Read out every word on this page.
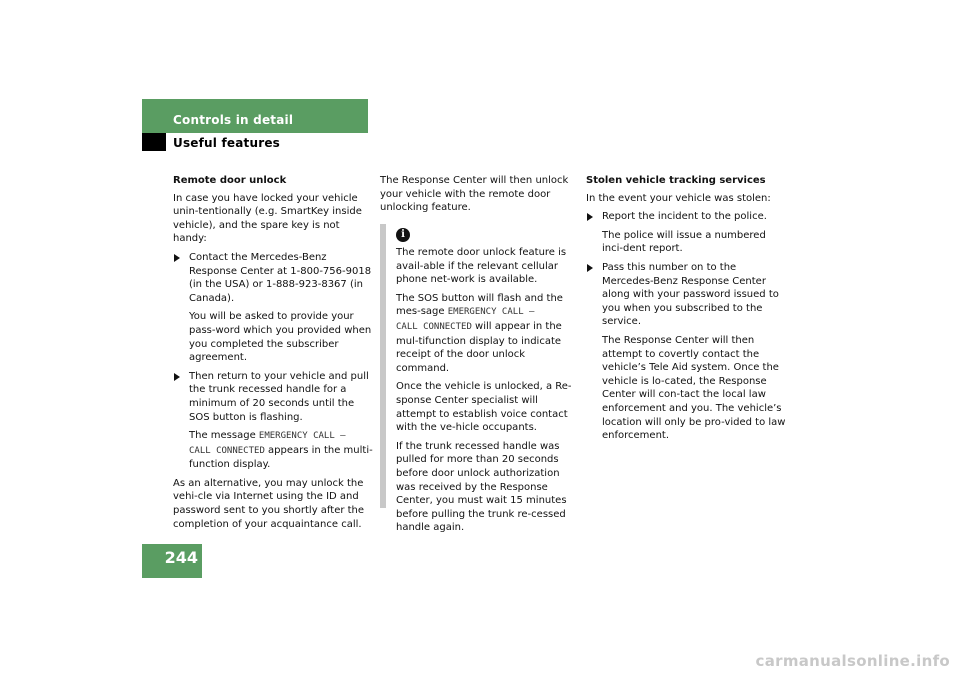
Controls in detail
Useful features

Remote door unlock

In case you have locked your vehicle unin-tentionally (e.g. SmartKey inside vehicle), and the spare key is not handy:

Contact the Mercedes-Benz Response Center at 1-800-756-9018 (in the USA) or 1-888-923-8367 (in Canada).

You will be asked to provide your pass-word which you provided when you completed the subscriber agreement.

Then return to your vehicle and pull the trunk recessed handle for a minimum of 20 seconds until the SOS button is flashing.

The message EMERGENCY CALL –
CALL CONNECTED appears in the multi-function display.

As an alternative, you may unlock the vehi-cle via Internet using the ID and password sent to you shortly after the completion of your acquaintance call.

The Response Center will then unlock your vehicle with the remote door unlocking feature.

i

The remote door unlock feature is avail-able if the relevant cellular phone net-work is available.

The SOS button will flash and the mes-sage EMERGENCY CALL –
CALL CONNECTED will appear in the mul-tifunction display to indicate receipt of the door unlock command.

Once the vehicle is unlocked, a Re-sponse Center specialist will attempt to establish voice contact with the ve-hicle occupants.

If the trunk recessed handle was pulled for more than 20 seconds before door unlock authorization was received by the Response Center, you must wait 15 minutes before pulling the trunk re-cessed handle again.

Stolen vehicle tracking services

In the event your vehicle was stolen:

Report the incident to the police.

The police will issue a numbered inci-dent report.

Pass this number on to the Mercedes-Benz Response Center along with your password issued to you when you subscribed to the service.

The Response Center will then attempt to covertly contact the vehicle’s Tele Aid system. Once the vehicle is lo-cated, the Response Center will con-tact the local law enforcement and you. The vehicle’s location will only be pro-vided to law enforcement.

244
carmanualsonline.info
